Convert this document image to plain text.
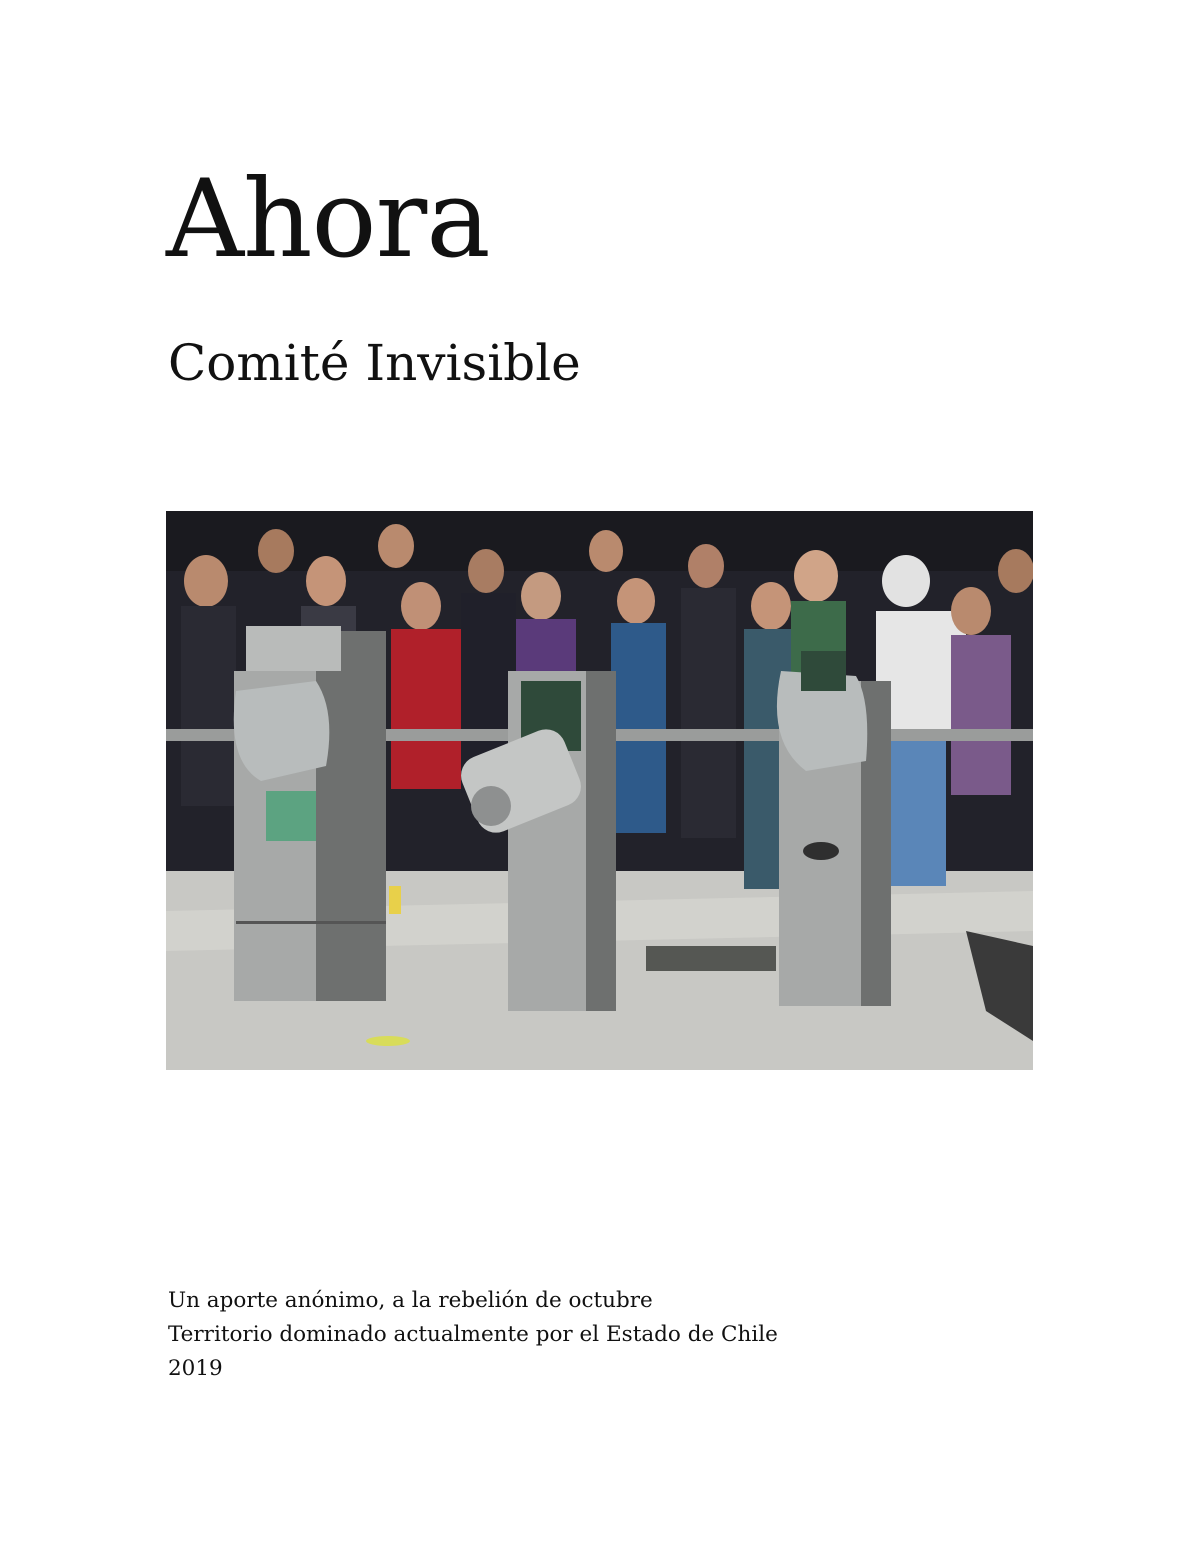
Ahora
Comité Invisible
Un aporte anónimo, a la rebelión de octubre
Territorio dominado actualmente por el Estado de Chile
2019
